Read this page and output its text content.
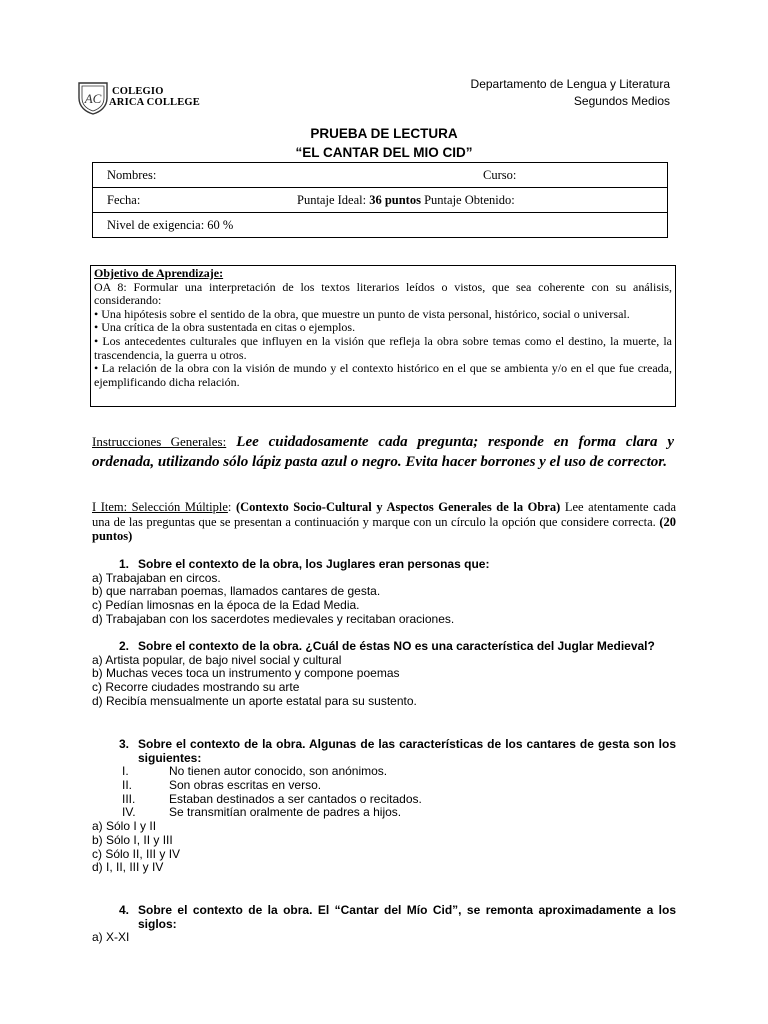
AC COLEGIO
ARICA COLLEGE
Departamento de Lengua y Literatura
Segundos Medios
PRUEBA DE LECTURA
“EL CANTAR DEL MIO CID”
Nombres:	Curso:

Fecha:	Puntaje Ideal: 36 puntos Puntaje Obtenido:

Nivel de exigencia: 60 %

Objetivo de Aprendizaje:

OA 8: Formular una interpretación de los textos literarios leídos o vistos, que sea coherente con su análisis, considerando:

• Una hipótesis sobre el sentido de la obra, que muestre un punto de vista personal, histórico, social o universal.

• Una crítica de la obra sustentada en citas o ejemplos.

• Los antecedentes culturales que influyen en la visión que refleja la obra sobre temas como el destino, la muerte, la trascendencia, la guerra u otros.

• La relación de la obra con la visión de mundo y el contexto histórico en el que se ambienta y/o en el que fue creada, ejemplificando dicha relación.

Instrucciones Generales: Lee cuidadosamente cada pregunta; responde en forma clara y ordenada, utilizando sólo lápiz pasta azul o negro. Evita hacer borrones y el uso de corrector.
I Item: Selección Múltiple: (Contexto Socio-Cultural y Aspectos Generales de la Obra) Lee atentamente cada una de las preguntas que se presentan a continuación y marque con un círculo la opción que considere correcta. (20 puntos)
1. Sobre el contexto de la obra, los Juglares eran personas que:
a) Trabajaban en circos.
b) que narraban poemas, llamados cantares de gesta.
c) Pedían limosnas en la época de la Edad Media.
d) Trabajaban con los sacerdotes medievales y recitaban oraciones.
2. Sobre el contexto de la obra. ¿Cuál de éstas NO es una característica del Juglar Medieval?
a) Artista popular, de bajo nivel social y cultural
b) Muchas veces toca un instrumento y compone poemas
c) Recorre ciudades mostrando su arte
d) Recibía mensualmente un aporte estatal para su sustento.
3. Sobre el contexto de la obra. Algunas de las características de los cantares de gesta son los siguientes:
I.	No tienen autor conocido, son anónimos.
II.	Son obras escritas en verso.
III.	Estaban destinados a ser cantados o recitados.
IV.	Se transmitían oralmente de padres a hijos.
a) Sólo I y II
b) Sólo I, II y III
c) Sólo II, III y IV
d) I, II, III y IV
4. Sobre el contexto de la obra. El “Cantar del Mío Cid”, se remonta aproximadamente a los siglos:
a) X-XI
